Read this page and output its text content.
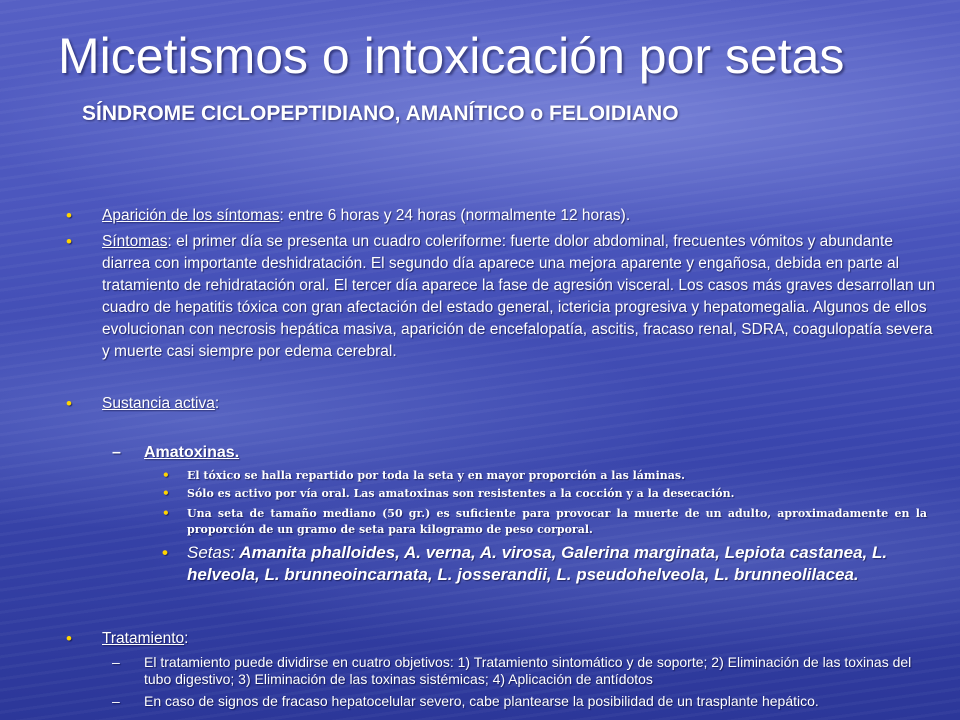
Micetismos o intoxicación por setas
SÍNDROME CICLOPEPTIDIANO, AMANÍTICO o FELOIDIANO
• Aparición de los síntomas: entre 6 horas y 24 horas (normalmente 12 horas).
• Síntomas: el primer día se presenta un cuadro coleriforme: fuerte dolor abdominal, frecuentes vómitos y abundante diarrea con importante deshidratación. El segundo día aparece una mejora aparente y engañosa, debida en parte al tratamiento de rehidratación oral. El tercer día aparece la fase de agresión visceral. Los casos más graves desarrollan un cuadro de hepatitis tóxica con gran afectación del estado general, ictericia progresiva y hepatomegalia. Algunos de ellos evolucionan con necrosis hepática masiva, aparición de encefalopatía, ascitis, fracaso renal, SDRA, coagulopatía severa y muerte casi siempre por edema cerebral.
• Sustancia activa:
– Amatoxinas.
• El tóxico se halla repartido por toda la seta y en mayor proporción a las láminas.
• Sólo es activo por vía oral. Las amatoxinas son resistentes a la cocción y a la desecación.
• Una seta de tamaño mediano (50 gr.) es suficiente para provocar la muerte de un adulto, aproximadamente en la proporción de un gramo de seta para kilogramo de peso corporal.
• Setas: Amanita phalloides, A. verna, A. virosa, Galerina marginata, Lepiota castanea, L. helveola, L. brunneoincarnata, L. josserandii, L. pseudohelveola, L. brunneolilacea.
• Tratamiento:
– El tratamiento puede dividirse en cuatro objetivos: 1) Tratamiento sintomático y de soporte; 2) Eliminación de las toxinas del tubo digestivo; 3) Eliminación de las toxinas sistémicas; 4) Aplicación de antídotos
– En caso de signos de fracaso hepatocelular severo, cabe plantearse la posibilidad de un trasplante hepático.
